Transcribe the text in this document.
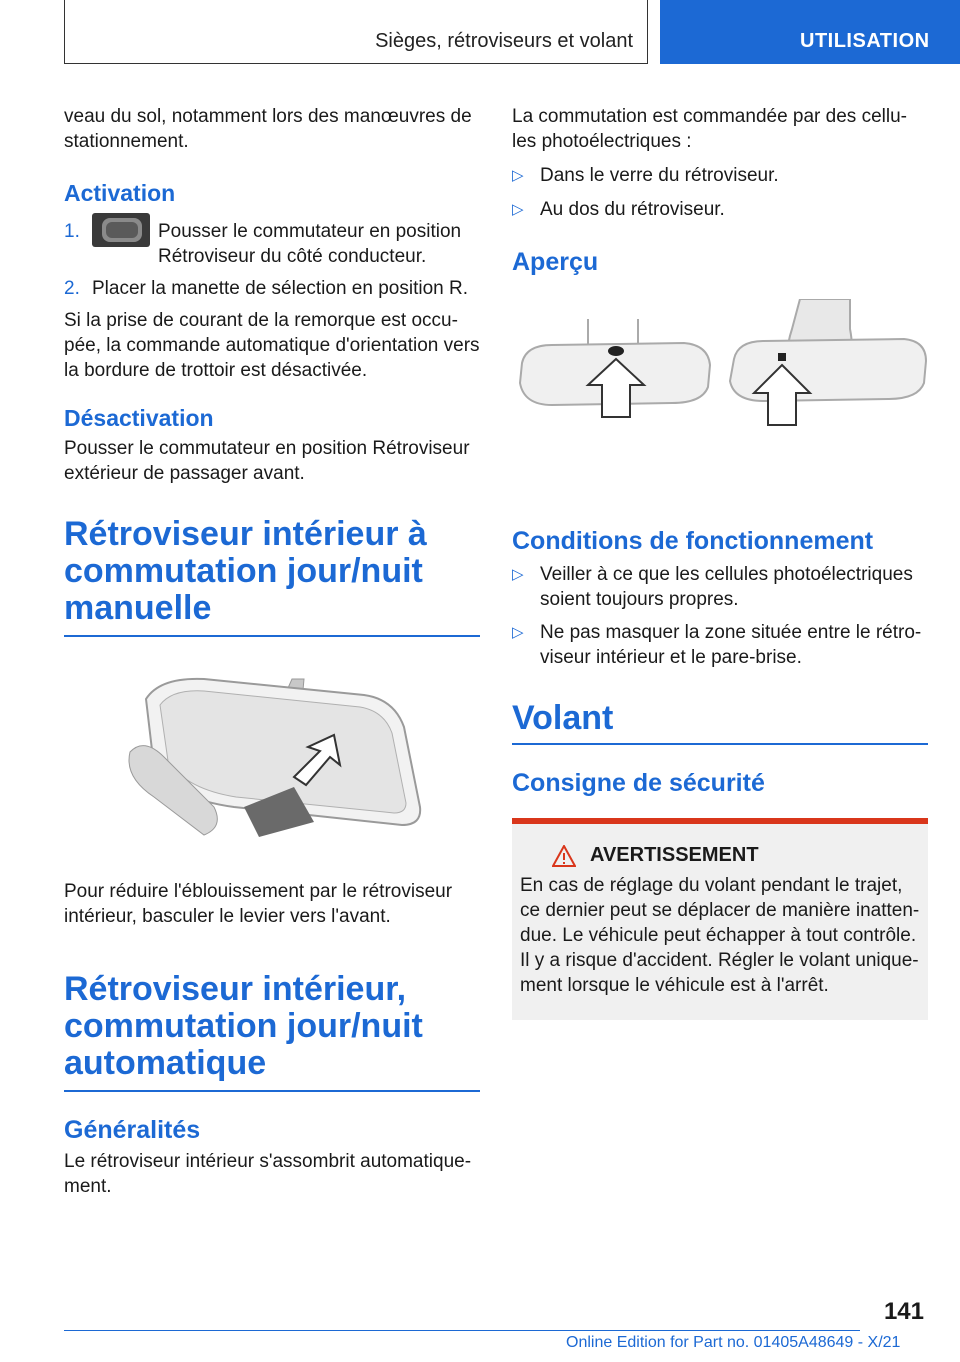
Sièges, rétroviseurs et volant	UTILISATION

veau du sol, notamment lors des manœuvres de stationnement.

Activation

1.	Pousser le commutateur en position Rétroviseur du côté conducteur.
2. Placer la manette de sélection en position R.

Si la prise de courant de la remorque est occu-pée, la commande automatique d'orientation vers la bordure de trottoir est désactivée.

Désactivation

Pousser le commutateur en position Rétroviseur extérieur de passager avant.

Rétroviseur intérieur à commutation jour/nuit manuelle

Pour réduire l'éblouissement par le rétroviseur intérieur, basculer le levier vers l'avant.

Rétroviseur intérieur, commutation jour/nuit automatique

Généralités

Le rétroviseur intérieur s'assombrit automatique-ment.

La commutation est commandée par des cellu-les photoélectriques :

▷ Dans le verre du rétroviseur.
▷ Au dos du rétroviseur.

Aperçu

Conditions de fonctionnement

▷ Veiller à ce que les cellules photoélectriques soient toujours propres.
▷ Ne pas masquer la zone située entre le rétro-viseur intérieur et le pare-brise.

Volant

Consigne de sécurité

AVERTISSEMENT

En cas de réglage du volant pendant le trajet, ce dernier peut se déplacer de manière inatten-due. Le véhicule peut échapper à tout contrôle. Il y a risque d'accident. Régler le volant unique-ment lorsque le véhicule est à l'arrêt.

141
Online Edition for Part no. 01405A48649 - X/21
